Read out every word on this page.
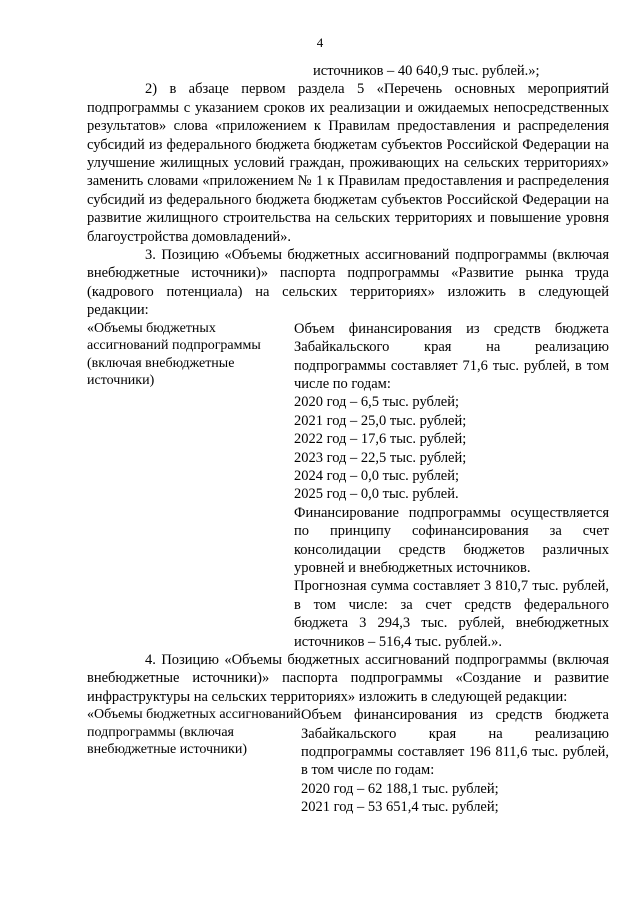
4

источников – 40 640,9 тыс. рублей.»;

2) в абзаце первом раздела 5 «Перечень основных мероприятий подпрограммы с указанием сроков их реализации и ожидаемых непосредственных результатов» слова «приложением к Правилам предоставления и распределения субсидий из федерального бюджета бюджетам субъектов Российской Федерации на улучшение жилищных условий граждан, проживающих на сельских территориях» заменить словами «приложением № 1 к Правилам предоставления и распределения субсидий из федерального бюджета бюджетам субъектов Российской Федерации на развитие жилищного строительства на сельских территориях и повышение уровня благоустройства домовладений».

3. Позицию «Объемы бюджетных ассигнований подпрограммы (включая внебюджетные источники)» паспорта подпрограммы «Развитие рынка труда (кадрового потенциала) на сельских территориях» изложить в следующей редакции:

«Объемы бюджетных ассигнований подпрограммы (включая внебюджетные источники)

Объем финансирования из средств бюджета Забайкальского края на реализацию подпрограммы составляет 71,6 тыс. рублей, в том числе по годам:

2020 год – 6,5 тыс. рублей;
2021 год – 25,0 тыс. рублей;
2022 год – 17,6 тыс. рублей;
2023 год – 22,5 тыс. рублей;
2024 год – 0,0 тыс. рублей;
2025 год – 0,0 тыс. рублей.

Финансирование подпрограммы осуществляется по принципу софинансирования за счет консолидации средств бюджетов различных уровней и внебюджетных источников.

Прогнозная сумма составляет 3 810,7 тыс. рублей, в том числе: за счет средств федерального бюджета 3 294,3 тыс. рублей, внебюджетных источников – 516,4 тыс. рублей.».

4. Позицию «Объемы бюджетных ассигнований подпрограммы (включая внебюджетные источники)» паспорта подпрограммы «Создание и развитие инфраструктуры на сельских территориях» изложить в следующей редакции:

«Объемы бюджетных ассигнований подпрограммы (включая внебюджетные источники)

Объем финансирования из средств бюджета Забайкальского края на реализацию подпрограммы составляет 196 811,6 тыс. рублей, в том числе по годам:

2020 год – 62 188,1 тыс. рублей;
2021 год – 53 651,4 тыс. рублей;
